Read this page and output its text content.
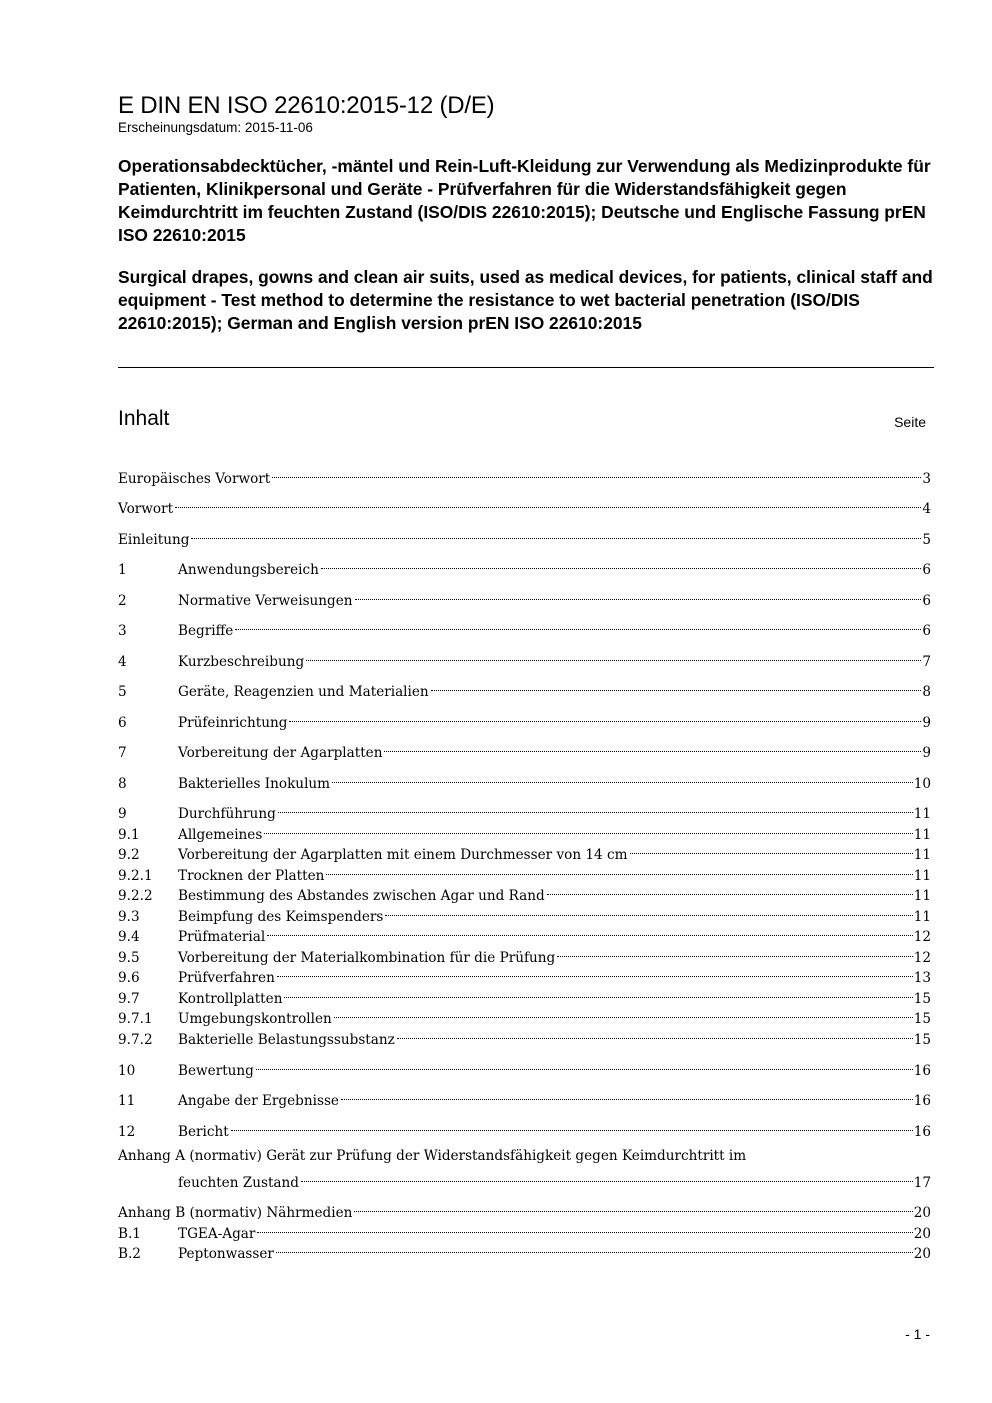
E DIN EN ISO 22610:2015-12 (D/E)
Erscheinungsdatum: 2015-11-06
Operationsabdecktücher, -mäntel und Rein-Luft-Kleidung zur Verwendung als Medizinprodukte für Patienten, Klinikpersonal und Geräte - Prüfverfahren für die Widerstandsfähigkeit gegen Keimdurchtritt im feuchten Zustand (ISO/DIS 22610:2015); Deutsche und Englische Fassung prEN ISO 22610:2015
Surgical drapes, gowns and clean air suits, used as medical devices, for patients, clinical staff and equipment - Test method to determine the resistance to wet bacterial penetration (ISO/DIS 22610:2015); German and English version prEN ISO 22610:2015
Inhalt	Seite
Europäisches Vorwort	3
Vorwort	4
Einleitung	5
1	Anwendungsbereich	6
2	Normative Verweisungen	6
3	Begriffe	6
4	Kurzbeschreibung	7
5	Geräte, Reagenzien und Materialien	8
6	Prüfeinrichtung	9
7	Vorbereitung der Agarplatten	9
8	Bakterielles Inokulum	10
9	Durchführung	11
9.1	Allgemeines	11
9.2	Vorbereitung der Agarplatten mit einem Durchmesser von 14 cm	11
9.2.1	Trocknen der Platten	11
9.2.2	Bestimmung des Abstandes zwischen Agar und Rand	11
9.3	Beimpfung des Keimspenders	11
9.4	Prüfmaterial	12
9.5	Vorbereitung der Materialkombination für die Prüfung	12
9.6	Prüfverfahren	13
9.7	Kontrollplatten	15
9.7.1	Umgebungskontrollen	15
9.7.2	Bakterielle Belastungssubstanz	15
10	Bewertung	16
11	Angabe der Ergebnisse	16
12	Bericht	16
Anhang A (normativ) Gerät zur Prüfung der Widerstandsfähigkeit gegen Keimdurchtritt im
feuchten Zustand	17
Anhang B (normativ) Nährmedien	20
B.1	TGEA-Agar	20
B.2	Peptonwasser	20
- 1 -
